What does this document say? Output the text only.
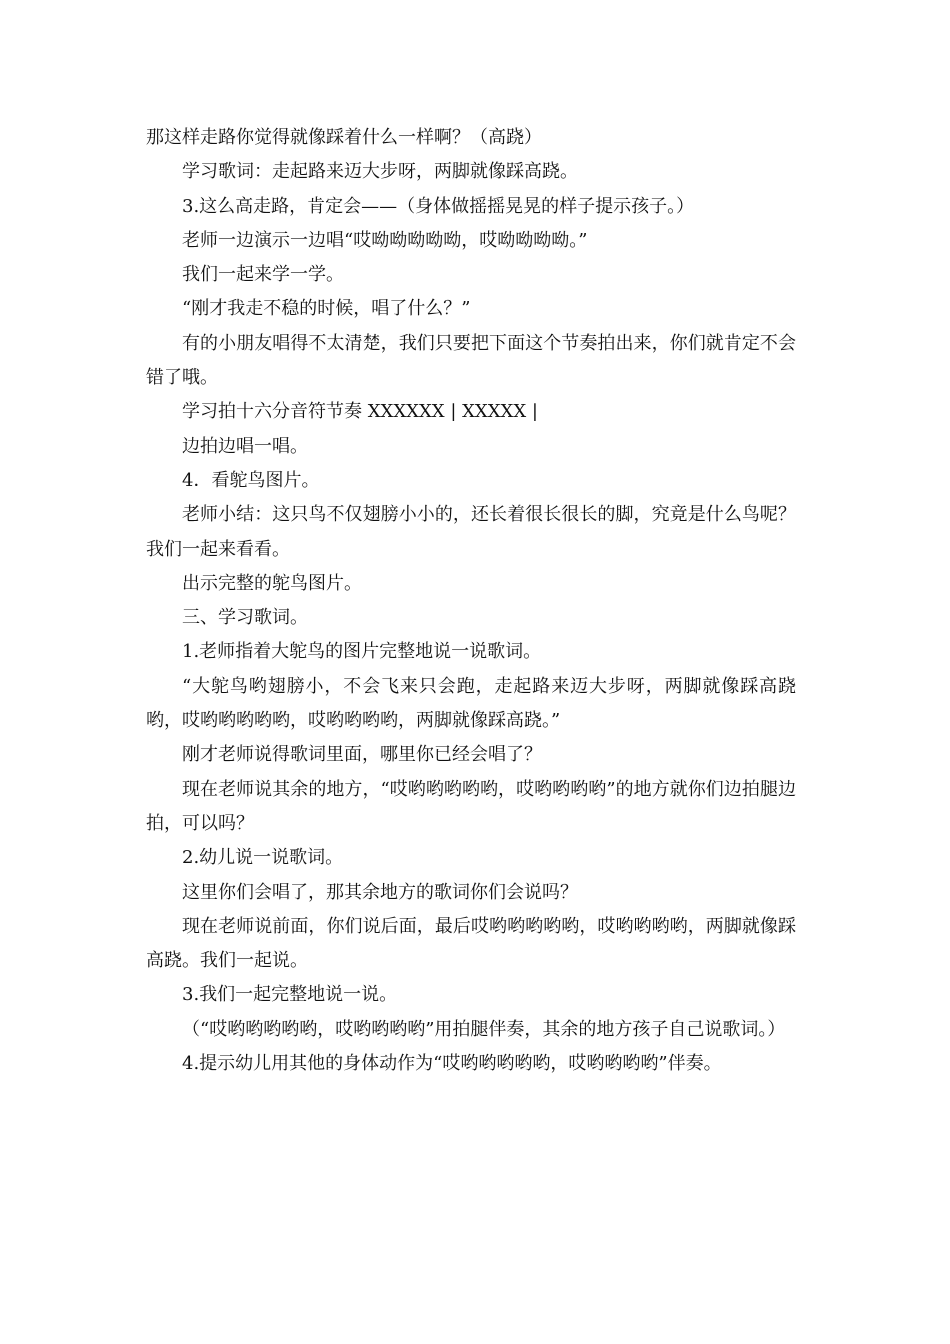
那这样走路你觉得就像踩着什么一样啊？（高跷）

学习歌词：走起路来迈大步呀，两脚就像踩高跷。

3.这么高走路，肯定会——（身体做摇摇晃晃的样子提示孩子。）

老师一边演示一边唱“哎呦呦呦呦呦，哎呦呦呦呦。”

我们一起来学一学。

“刚才我走不稳的时候，唱了什么？”

有的小朋友唱得不太清楚，我们只要把下面这个节奏拍出来，你们就肯定不会错了哦。

学习拍十六分音符节奏 XXXXXX | XXXXX |

边拍边唱一唱。

4．看鸵鸟图片。

老师小结：这只鸟不仅翅膀小小的，还长着很长很长的脚，究竟是什么鸟呢？我们一起来看看。

出示完整的鸵鸟图片。

三、学习歌词。

1.老师指着大鸵鸟的图片完整地说一说歌词。

“大鸵鸟哟翅膀小，不会飞来只会跑，走起路来迈大步呀，两脚就像踩高跷哟，哎哟哟哟哟哟，哎哟哟哟哟，两脚就像踩高跷。”

刚才老师说得歌词里面，哪里你已经会唱了？

现在老师说其余的地方，“哎哟哟哟哟哟，哎哟哟哟哟”的地方就你们边拍腿边拍，可以吗？

2.幼儿说一说歌词。

这里你们会唱了，那其余地方的歌词你们会说吗？

现在老师说前面，你们说后面，最后哎哟哟哟哟哟，哎哟哟哟哟，两脚就像踩高跷。我们一起说。

3.我们一起完整地说一说。

（“哎哟哟哟哟哟，哎哟哟哟哟”用拍腿伴奏，其余的地方孩子自己说歌词。）

4.提示幼儿用其他的身体动作为“哎哟哟哟哟哟，哎哟哟哟哟”伴奏。
